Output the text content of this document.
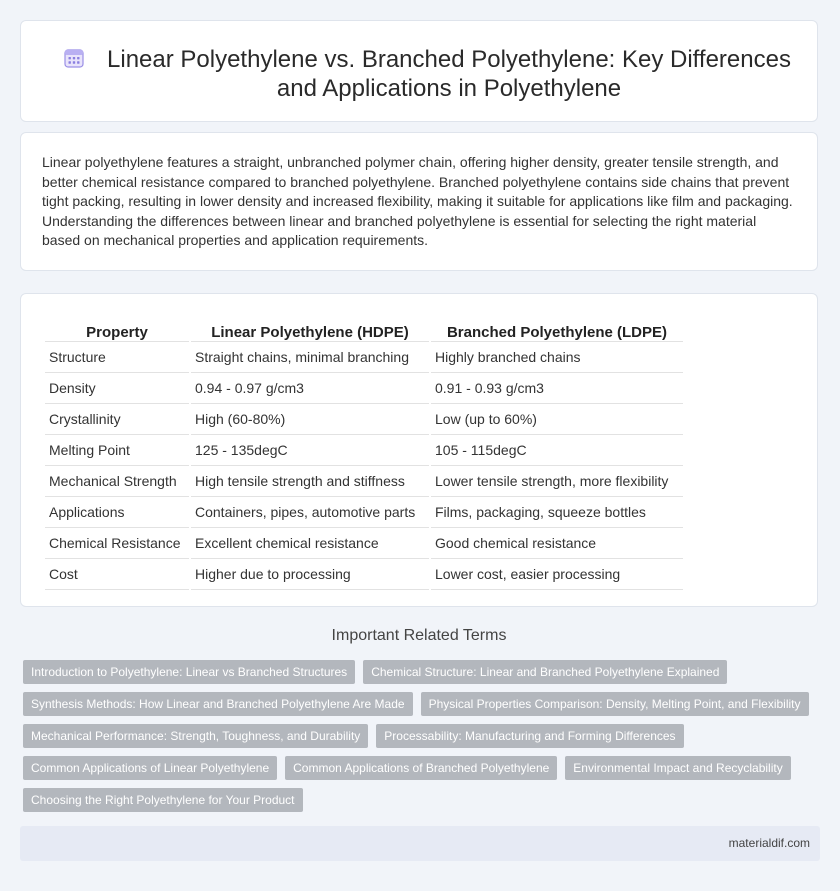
Linear Polyethylene vs. Branched Polyethylene: Key Differences and Applications in Polyethylene

Linear polyethylene features a straight, unbranched polymer chain, offering higher density, greater tensile strength, and better chemical resistance compared to branched polyethylene. Branched polyethylene contains side chains that prevent tight packing, resulting in lower density and increased flexibility, making it suitable for applications like film and packaging. Understanding the differences between linear and branched polyethylene is essential for selecting the right material based on mechanical properties and application requirements.

Property	Linear Polyethylene (HDPE)	Branched Polyethylene (LDPE)
Structure	Straight chains, minimal branching	Highly branched chains
Density	0.94 - 0.97 g/cm3	0.91 - 0.93 g/cm3
Crystallinity	High (60-80%)	Low (up to 60%)
Melting Point	125 - 135degC	105 - 115degC
Mechanical Strength	High tensile strength and stiffness	Lower tensile strength, more flexibility
Applications	Containers, pipes, automotive parts	Films, packaging, squeeze bottles
Chemical Resistance	Excellent chemical resistance	Good chemical resistance
Cost	Higher due to processing	Lower cost, easier processing
Important Related Terms
Introduction to Polyethylene: Linear vs Branched Structures	Chemical Structure: Linear and Branched Polyethylene Explained
Synthesis Methods: How Linear and Branched Polyethylene Are Made	Physical Properties Comparison: Density, Melting Point, and Flexibility
Mechanical Performance: Strength, Toughness, and Durability	Processability: Manufacturing and Forming Differences
Common Applications of Linear Polyethylene	Common Applications of Branched Polyethylene	Environmental Impact and Recyclability
Choosing the Right Polyethylene for Your Product
materialdif.com
